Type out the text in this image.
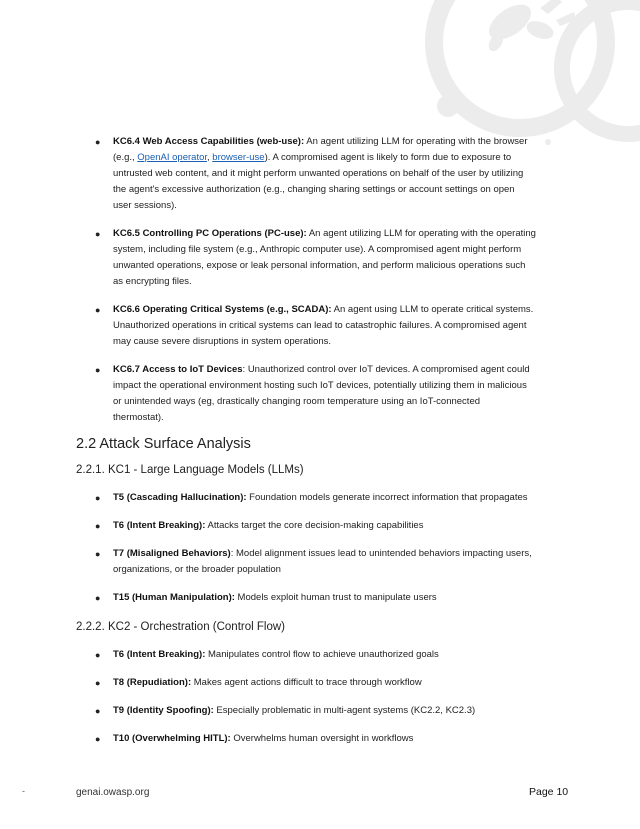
● KC6.4 Web Access Capabilities (web-use): An agent utilizing LLM for operating with the browser
(e.g., OpenAI operator, browser-use). A compromised agent is likely to form due to exposure to
untrusted web content, and it might perform unwanted operations on behalf of the user by utilizing
the agent's excessive authorization (e.g., changing sharing settings or account settings on open
user sessions).
● KC6.5 Controlling PC Operations (PC-use): An agent utilizing LLM for operating with the operating
system, including file system (e.g., Anthropic computer use). A compromised agent might perform
unwanted operations, expose or leak personal information, and perform malicious operations such
as encrypting files.
● KC6.6 Operating Critical Systems (e.g., SCADA): An agent using LLM to operate critical systems.
Unauthorized operations in critical systems can lead to catastrophic failures. A compromised agent
may cause severe disruptions in system operations.
● KC6.7 Access to IoT Devices: Unauthorized control over IoT devices. A compromised agent could
impact the operational environment hosting such IoT devices, potentially utilizing them in malicious
or unintended ways (eg, drastically changing room temperature using an IoT-connected
thermostat).
2.2 Attack Surface Analysis
2.2.1. KC1 - Large Language Models (LLMs)
● T5 (Cascading Hallucination): Foundation models generate incorrect information that propagates
● T6 (Intent Breaking): Attacks target the core decision-making capabilities
● T7 (Misaligned Behaviors): Model alignment issues lead to unintended behaviors impacting users,
organizations, or the broader population
● T15 (Human Manipulation): Models exploit human trust to manipulate users
2.2.2. KC2 - Orchestration (Control Flow)
● T6 (Intent Breaking): Manipulates control flow to achieve unauthorized goals
● T8 (Repudiation): Makes agent actions difficult to trace through workflow
● T9 (Identity Spoofing): Especially problematic in multi-agent systems (KC2.2, KC2.3)
● T10 (Overwhelming HITL): Overwhelms human oversight in workflows
-	genai.owasp.org	Page 10
